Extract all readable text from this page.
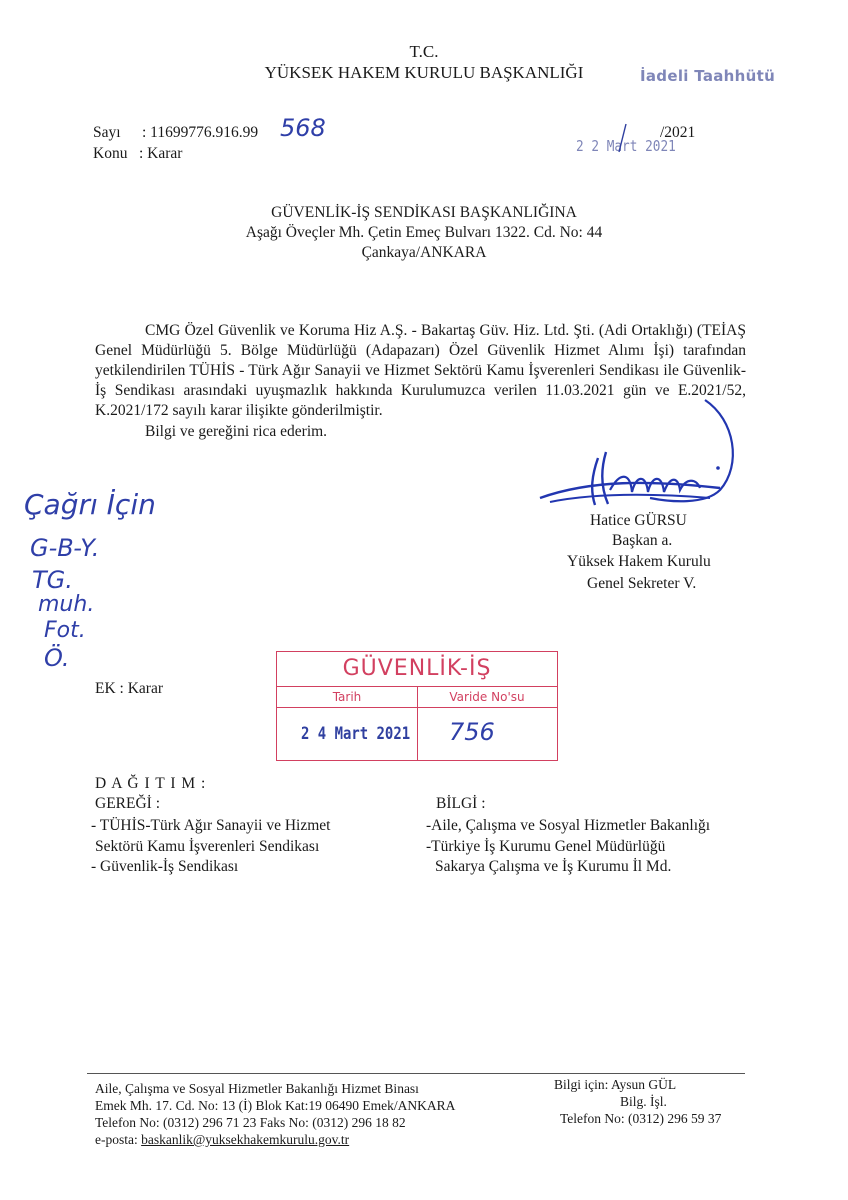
T.C.
YÜKSEK HAKEM KURULU BAŞKANLIĞI	İadeli Taahhütü
Sayı : 11699776.916.99 568
Konu : Karar	2 2 Mart 2021
/2021
GÜVENLİK-İŞ SENDİKASI BAŞKANLIĞINA
Aşağı Öveçler Mh. Çetin Emeç Bulvarı 1322. Cd. No: 44
Çankaya/ANKARA
CMG Özel Güvenlik ve Koruma Hiz A.Ş. - Bakartaş Güv. Hiz. Ltd. Şti. (Adi Ortaklığı) (TEİAŞ Genel Müdürlüğü 5. Bölge Müdürlüğü (Adapazarı) Özel Güvenlik Hizmet Alımı İşi) tarafından yetkilendirilen TÜHİS - Türk Ağır Sanayii ve Hizmet Sektörü Kamu İşverenleri Sendikası ile Güvenlik-İş Sendikası arasındaki uyuşmazlık hakkında Kurulumuzca verilen 11.03.2021 gün ve E.2021/52, K.2021/172 sayılı karar ilişikte gönderilmiştir.
Bilgi ve gereğini rica ederim.
Hatice GÜRSU
Başkan a.
Yüksek Hakem Kurulu
Genel Sekreter V.
Çağrı İçin
G-B-Y.
TG.
muh.
Fot.
Ö.
EK : Karar
GÜVENLİK-İŞ
Tarih	Varide No'su
2 4 Mart 2021 756
D A Ğ I T I M :
GEREĞİ :
- TÜHİS-Türk Ağır Sanayii ve Hizmet
Sektörü Kamu İşverenleri Sendikası
- Güvenlik-İş Sendikası
BİLGİ :
-Aile, Çalışma ve Sosyal Hizmetler Bakanlığı
-Türkiye İş Kurumu Genel Müdürlüğü
Sakarya Çalışma ve İş Kurumu İl Md.
Aile, Çalışma ve Sosyal Hizmetler Bakanlığı Hizmet Binası
Emek Mh. 17. Cd. No: 13 (İ) Blok Kat:19 06490 Emek/ANKARA
Telefon No: (0312) 296 71 23 Faks No: (0312) 296 18 82
e-posta: baskanlik@yuksekhakemkurulu.gov.tr
Bilgi için: Aysun GÜL
Bilg. İşl.
Telefon No: (0312) 296 59 37
